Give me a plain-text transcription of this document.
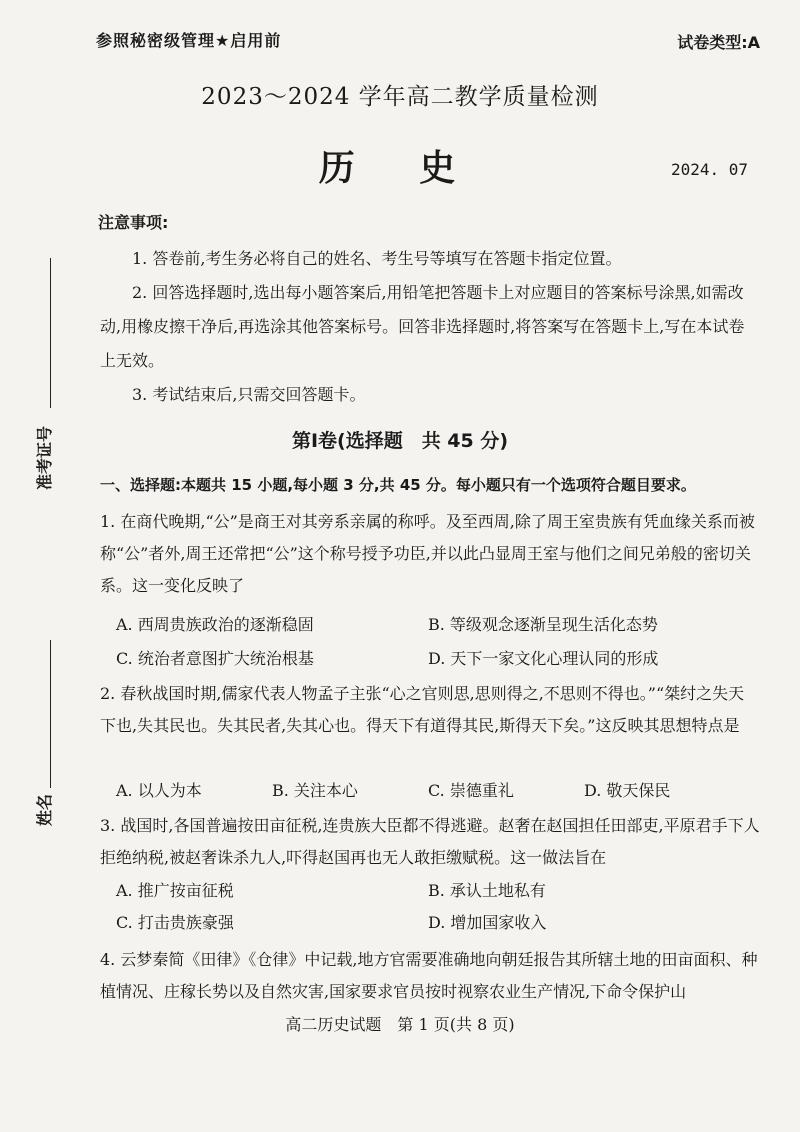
参照秘密级管理★启用前	试卷类型:A
2023～2024 学年高二教学质量检测
历 史	2024. 07
准考证号
姓名
注意事项:

1. 答卷前,考生务必将自己的姓名、考生号等填写在答题卡指定位置。

2. 回答选择题时,选出每小题答案后,用铅笔把答题卡上对应题目的答案标号涂黑,如需改动,用橡皮擦干净后,再选涂其他答案标号。回答非选择题时,将答案写在答题卡上,写在本试卷上无效。

3. 考试结束后,只需交回答题卡。

第Ⅰ卷(选择题　共 45 分)
一、选择题:本题共 15 小题,每小题 3 分,共 45 分。每小题只有一个选项符合题目要求。

1. 在商代晚期,“公”是商王对其旁系亲属的称呼。及至西周,除了周王室贵族有凭血缘关系而被称“公”者外,周王还常把“公”这个称号授予功臣,并以此凸显周王室与他们之间兄弟般的密切关系。这一变化反映了

A. 西周贵族政治的逐渐稳固	B. 等级观念逐渐呈现生活化态势
C. 统治者意图扩大统治根基	D. 天下一家文化心理认同的形成

2. 春秋战国时期,儒家代表人物孟子主张“心之官则思,思则得之,不思则不得也。”“桀纣之失天下也,失其民也。失其民者,失其心也。得天下有道得其民,斯得天下矣。”这反映其思想特点是

A. 以人为本	B. 关注本心	C. 崇德重礼	D. 敬天保民

3. 战国时,各国普遍按田亩征税,连贵族大臣都不得逃避。赵奢在赵国担任田部吏,平原君手下人拒绝纳税,被赵奢诛杀九人,吓得赵国再也无人敢拒缴赋税。这一做法旨在

A. 推广按亩征税	B. 承认土地私有
C. 打击贵族豪强	D. 增加国家收入

4. 云梦秦简《田律》《仓律》中记载,地方官需要准确地向朝廷报告其所辖土地的田亩面积、种植情况、庄稼长势以及自然灾害,国家要求官员按时视察农业生产情况,下命令保护山

高二历史试题　第 1 页(共 8 页)
